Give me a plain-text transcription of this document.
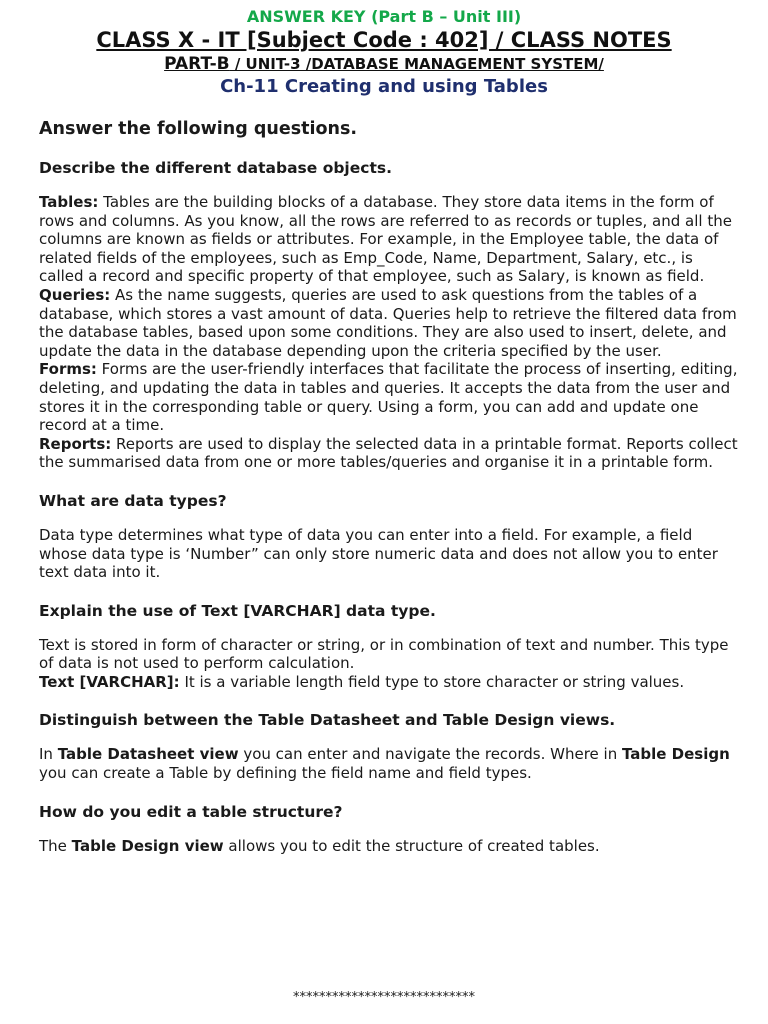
ANSWER KEY (Part B – Unit III)
CLASS X - IT [Subject Code : 402] / CLASS NOTES
PART-B / UNIT-3 /DATABASE MANAGEMENT SYSTEM/
Ch-11 Creating and using Tables
Answer the following questions.
Describe the different database objects.
Tables: Tables are the building blocks of a database. They store data items in the form of rows and columns. As you know, all the rows are referred to as records or tuples, and all the columns are known as fields or attributes. For example, in the Employee table, the data of related fields of the employees, such as Emp_Code, Name, Department, Salary, etc., is called a record and specific property of that employee, such as Salary, is known as field.
Queries: As the name suggests, queries are used to ask questions from the tables of a database, which stores a vast amount of data. Queries help to retrieve the filtered data from the database tables, based upon some conditions. They are also used to insert, delete, and update the data in the database depending upon the criteria specified by the user.
Forms: Forms are the user-friendly interfaces that facilitate the process of inserting, editing, deleting, and updating the data in tables and queries. It accepts the data from the user and stores it in the corresponding table or query. Using a form, you can add and update one record at a time.
Reports: Reports are used to display the selected data in a printable format. Reports collect the summarised data from one or more tables/queries and organise it in a printable form.
What are data types?
Data type determines what type of data you can enter into a field. For example, a field whose data type is ‘Number” can only store numeric data and does not allow you to enter text data into it.
Explain the use of Text [VARCHAR] data type.
Text is stored in form of character or string, or in combination of text and number. This type of data is not used to perform calculation.
Text [VARCHAR]: It is a variable length field type to store character or string values.
Distinguish between the Table Datasheet and Table Design views.
In Table Datasheet view you can enter and navigate the records. Where in Table Design you can create a Table by defining the field name and field types.
How do you edit a table structure?
The Table Design view allows you to edit the structure of created tables.
****************************
